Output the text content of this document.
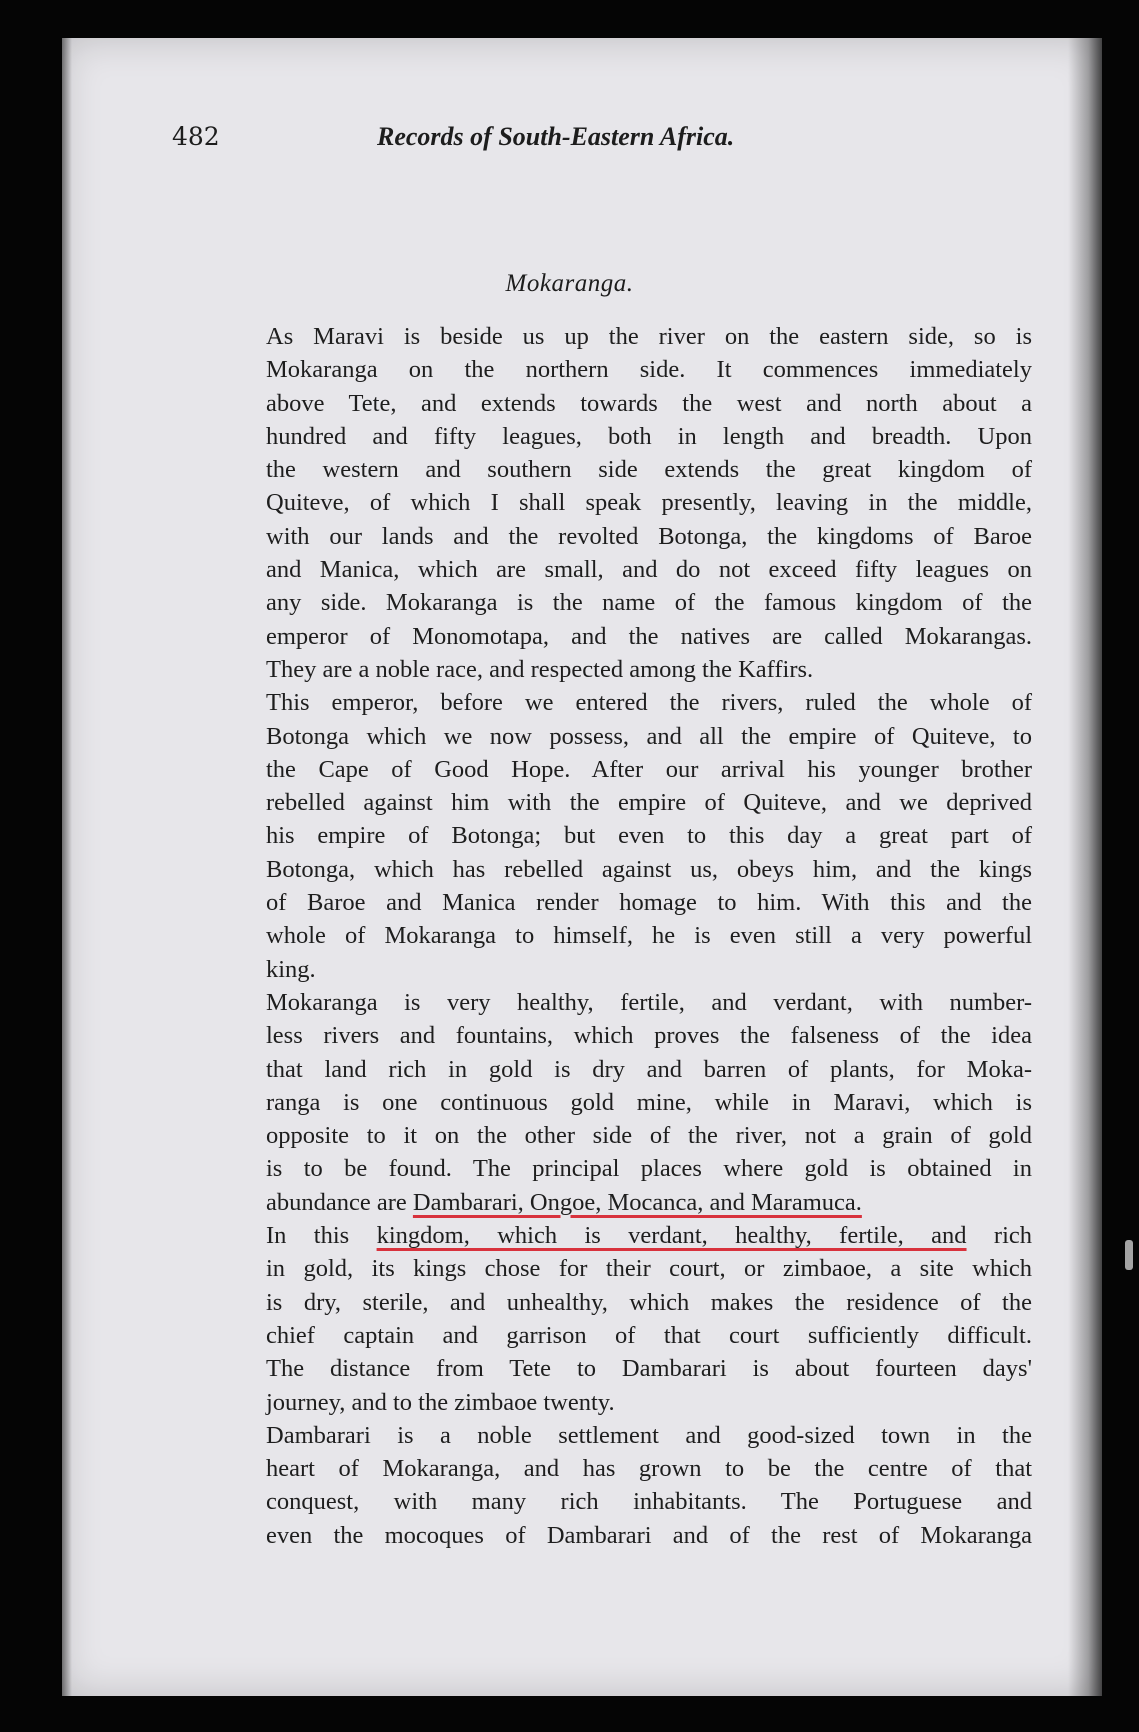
482	Records of South-Eastern Africa.
Mokaranga.

As Maravi is beside us up the river on the eastern side, so is
Mokaranga on the northern side. It commences immediately
above Tete, and extends towards the west and north about a
hundred and fifty leagues, both in length and breadth. Upon
the western and southern side extends the great kingdom of
Quiteve, of which I shall speak presently, leaving in the middle,
with our lands and the revolted Botonga, the kingdoms of Baroe
and Manica, which are small, and do not exceed fifty leagues on
any side. Mokaranga is the name of the famous kingdom of the
emperor of Monomotapa, and the natives are called Mokarangas.
They are a noble race, and respected among the Kaffirs.

This emperor, before we entered the rivers, ruled the whole of
Botonga which we now possess, and all the empire of Quiteve, to
the Cape of Good Hope. After our arrival his younger brother
rebelled against him with the empire of Quiteve, and we deprived
his empire of Botonga; but even to this day a great part of
Botonga, which has rebelled against us, obeys him, and the kings
of Baroe and Manica render homage to him. With this and the
whole of Mokaranga to himself, he is even still a very powerful
king.

Mokaranga is very healthy, fertile, and verdant, with number-
less rivers and fountains, which proves the falseness of the idea
that land rich in gold is dry and barren of plants, for Moka-
ranga is one continuous gold mine, while in Maravi, which is
opposite to it on the other side of the river, not a grain of gold
is to be found. The principal places where gold is obtained in
abundance are Dambarari, Ongoe, Mocanca, and Maramuca.

In this kingdom, which is verdant, healthy, fertile, and rich
in gold, its kings chose for their court, or zimbaoe, a site which
is dry, sterile, and unhealthy, which makes the residence of the
chief captain and garrison of that court sufficiently difficult.
The distance from Tete to Dambarari is about fourteen days'
journey, and to the zimbaoe twenty.

Dambarari is a noble settlement and good-sized town in the
heart of Mokaranga, and has grown to be the centre of that
conquest, with many rich inhabitants. The Portuguese and
even the mocoques of Dambarari and of the rest of Mokaranga
